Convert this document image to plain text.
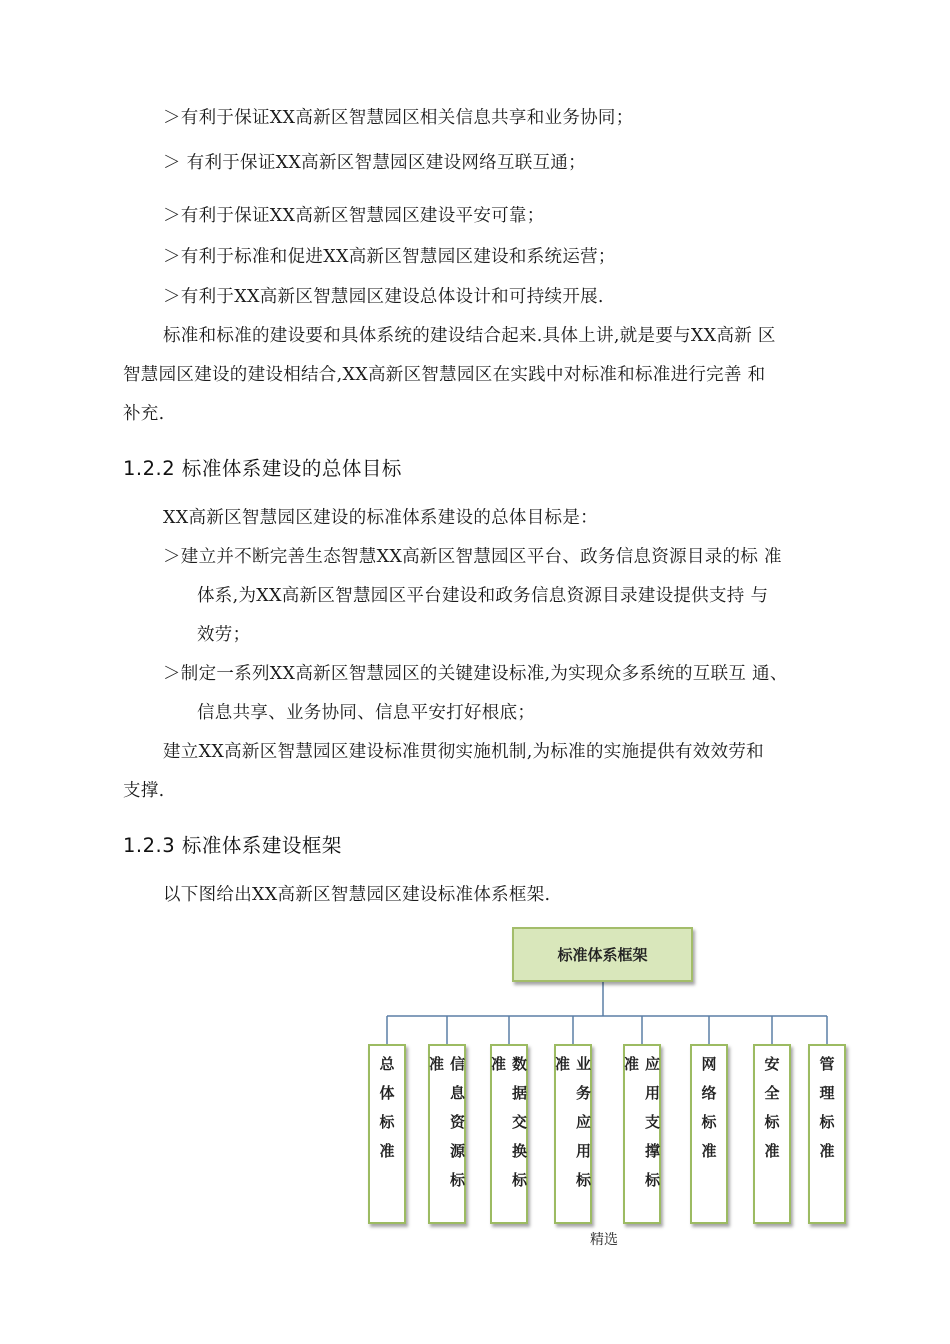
＞有利于保证XX高新区智慧园区相关信息共享和业务协同；
＞ 有利于保证XX高新区智慧园区建设网络互联互通；
＞有利于保证XX高新区智慧园区建设平安可靠；
＞有利于标准和促进XX高新区智慧园区建设和系统运营；
＞有利于XX高新区智慧园区建设总体设计和可持续开展.
标准和标准的建设要和具体系统的建设结合起来.具体上讲,就是要与XX高新 区
智慧园区建设的建设相结合,XX高新区智慧园区在实践中对标准和标准进行完善 和
补充.
1.2.2 标准体系建设的总体目标
XX高新区智慧园区建设的标准体系建设的总体目标是：
＞建立并不断完善生态智慧XX高新区智慧园区平台、政务信息资源目录的标 准
体系,为XX高新区智慧园区平台建设和政务信息资源目录建设提供支持 与
效劳；
＞制定一系列XX高新区智慧园区的关键建设标准,为实现众多系统的互联互 通、
信息共享、业务协同、信息平安打好根底；
建立XX高新区智慧园区建设标准贯彻实施机制,为标准的实施提供有效效劳和
支撑.
1.2.3 标准体系建设框架
以下图给出XX高新区智慧园区建设标准体系框架.
标准体系框架
总体标准	信息资源标准	数据交换标准	业务应用标准	应用支撑标准	网络标准	安全标准 管理标准
精选
